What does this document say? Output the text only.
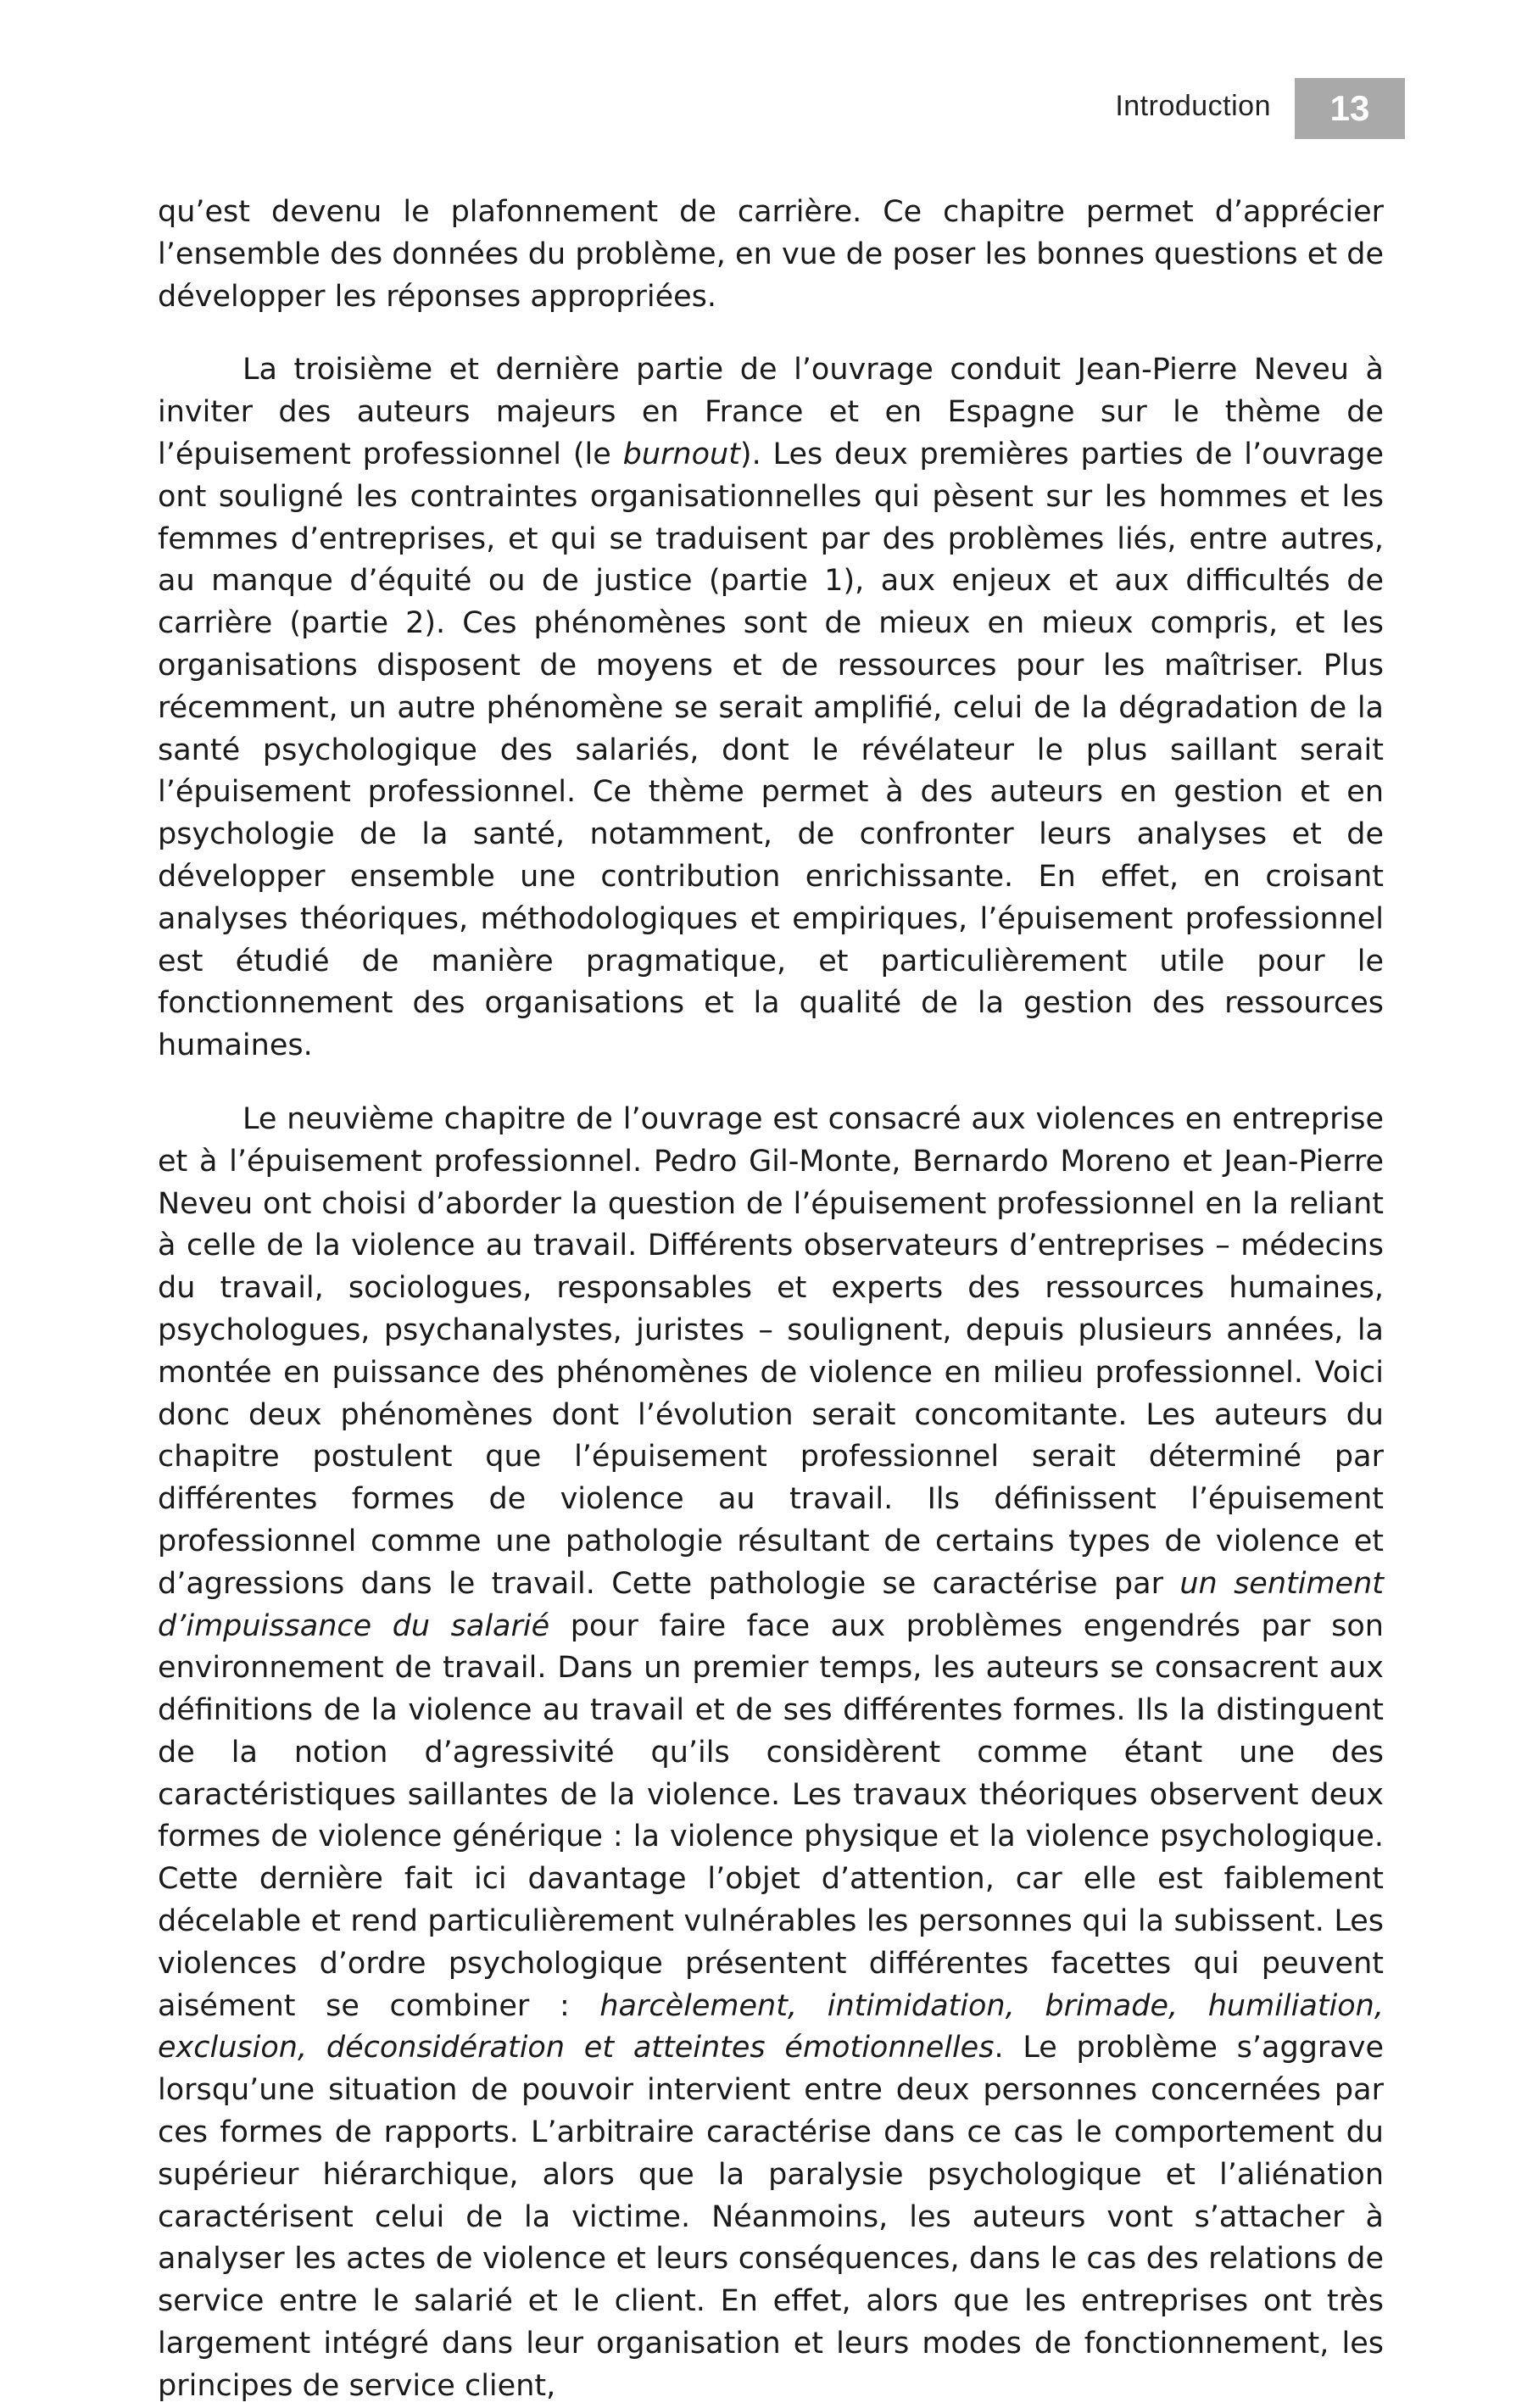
Introduction 13

qu’est devenu le plafonnement de carrière. Ce chapitre permet d’apprécier l’ensemble des données du problème, en vue de poser les bonnes questions et de développer les réponses appropriées.

La troisième et dernière partie de l’ouvrage conduit Jean-Pierre Neveu à inviter des auteurs majeurs en France et en Espagne sur le thème de l’épuisement professionnel (le burnout). Les deux premières parties de l’ouvrage ont souligné les contraintes organisationnelles qui pèsent sur les hommes et les femmes d’entreprises, et qui se traduisent par des problèmes liés, entre autres, au manque d’équité ou de justice (partie 1), aux enjeux et aux difficultés de carrière (partie 2). Ces phénomènes sont de mieux en mieux compris, et les organisations disposent de moyens et de ressources pour les maîtriser. Plus récemment, un autre phénomène se serait amplifié, celui de la dégradation de la santé psychologique des salariés, dont le révélateur le plus saillant serait l’épuisement professionnel. Ce thème permet à des auteurs en gestion et en psychologie de la santé, notamment, de confronter leurs analyses et de développer ensemble une contribution enrichissante. En effet, en croisant analyses théoriques, méthodologiques et empiriques, l’épuisement professionnel est étudié de manière pragmatique, et particulièrement utile pour le fonctionnement des organisations et la qualité de la gestion des ressources humaines.

Le neuvième chapitre de l’ouvrage est consacré aux violences en entreprise et à l’épuisement professionnel. Pedro Gil-Monte, Bernardo Moreno et Jean-Pierre Neveu ont choisi d’aborder la question de l’épuisement professionnel en la reliant à celle de la violence au travail. Différents observateurs d’entreprises – médecins du travail, sociologues, responsables et experts des ressources humaines, psychologues, psychanalystes, juristes – soulignent, depuis plusieurs années, la montée en puissance des phénomènes de violence en milieu professionnel. Voici donc deux phénomènes dont l’évolution serait concomitante. Les auteurs du chapitre postulent que l’épuisement professionnel serait déterminé par différentes formes de violence au travail. Ils définissent l’épuisement professionnel comme une pathologie résultant de certains types de violence et d’agressions dans le travail. Cette pathologie se caractérise par un sentiment d’impuissance du salarié pour faire face aux problèmes engendrés par son environnement de travail. Dans un premier temps, les auteurs se consacrent aux définitions de la violence au travail et de ses différentes formes. Ils la distinguent de la notion d’agressivité qu’ils considèrent comme étant une des caractéristiques saillantes de la violence. Les travaux théoriques observent deux formes de violence générique : la violence physique et la violence psychologique. Cette dernière fait ici davantage l’objet d’attention, car elle est faiblement décelable et rend particulièrement vulnérables les personnes qui la subissent. Les violences d’ordre psychologique présentent différentes facettes qui peuvent aisément se combiner : harcèlement, intimidation, brimade, humiliation, exclusion, déconsidération et atteintes émotionnelles. Le problème s’aggrave lorsqu’une situation de pouvoir intervient entre deux personnes concernées par ces formes de rapports. L’arbitraire caractérise dans ce cas le comportement du supérieur hiérarchique, alors que la paralysie psychologique et l’aliénation caractérisent celui de la victime. Néanmoins, les auteurs vont s’attacher à analyser les actes de violence et leurs conséquences, dans le cas des relations de service entre le salarié et le client. En effet, alors que les entreprises ont très largement intégré dans leur organisation et leurs modes de fonctionnement, les principes de service client,
